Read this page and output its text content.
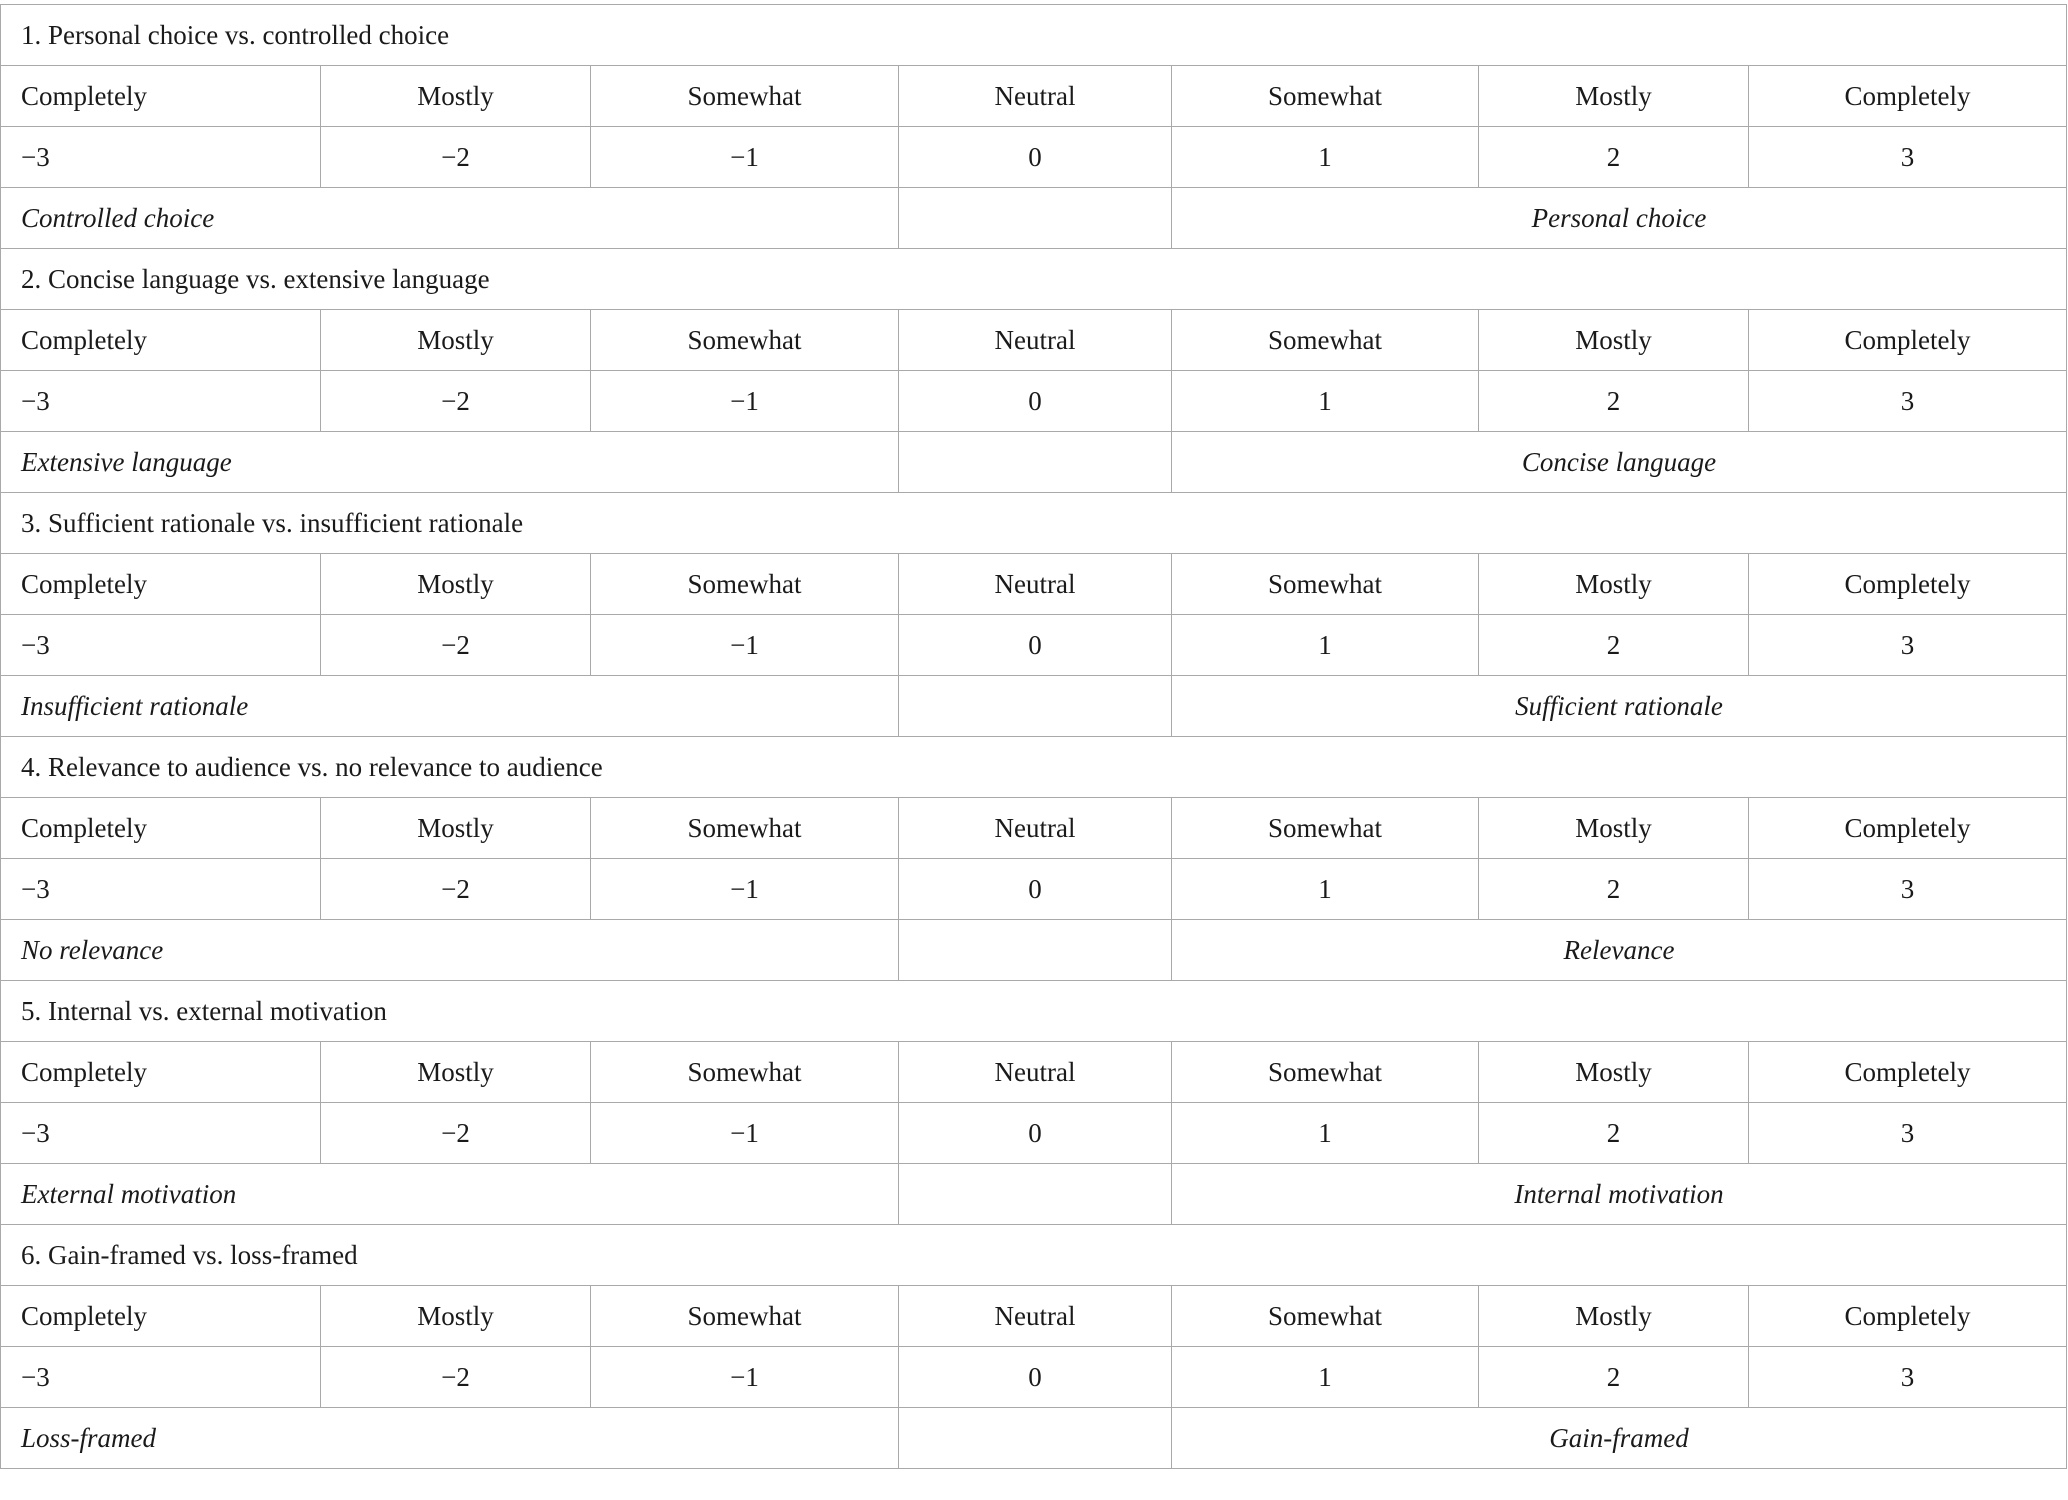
1. Personal choice vs. controlled choice						
Completely	Mostly	Somewhat	Neutral	Somewhat	Mostly	Completely
−3	−2	−1	0	1	2	3
Controlled choice				Personal choice		
2. Concise language vs. extensive language						
Completely	Mostly	Somewhat	Neutral	Somewhat	Mostly	Completely
−3	−2	−1	0	1	2	3
Extensive language				Concise language		
3. Sufficient rationale vs. insufficient rationale						
Completely	Mostly	Somewhat	Neutral	Somewhat	Mostly	Completely
−3	−2	−1	0	1	2	3
Insufficient rationale				Sufficient rationale		
4. Relevance to audience vs. no relevance to audience						
Completely	Mostly	Somewhat	Neutral	Somewhat	Mostly	Completely
−3	−2	−1	0	1	2	3
No relevance				Relevance		
5. Internal vs. external motivation						
Completely	Mostly	Somewhat	Neutral	Somewhat	Mostly	Completely
−3	−2	−1	0	1	2	3
External motivation				Internal motivation		
6. Gain-framed vs. loss-framed						
Completely	Mostly	Somewhat	Neutral	Somewhat	Mostly	Completely
−3	−2	−1	0	1	2	3
Loss-framed				Gain-framed		
